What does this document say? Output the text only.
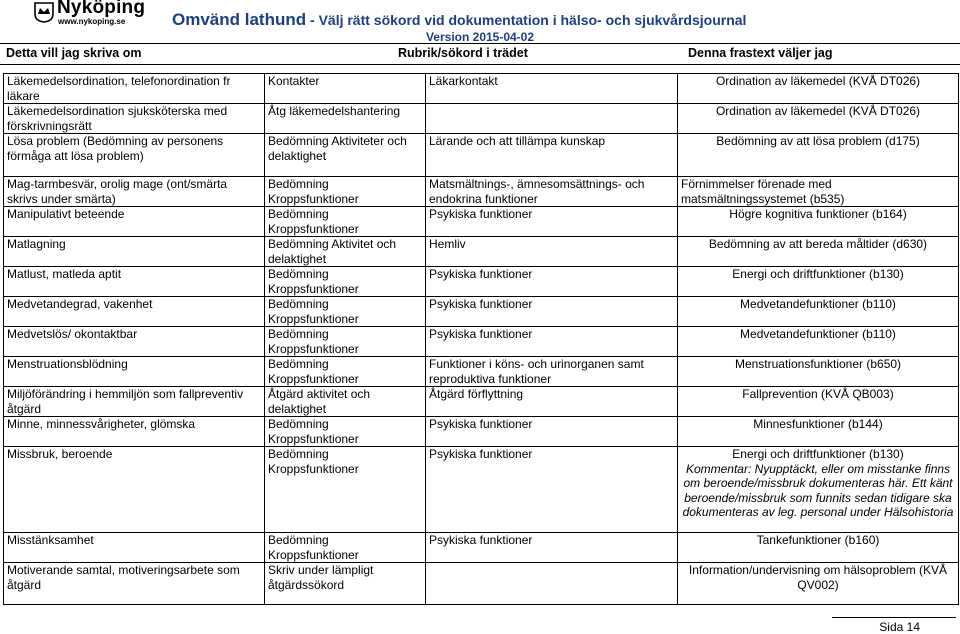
Nyköping
www.nykoping.se	Omvänd lathund - Välj rätt sökord vid dokumentation i hälso- och sjukvårdsjournal
Version 2015-04-02
Detta vill jag skriva om	Rubrik/sökord i trädet	Denna frastext väljer jag
Läkemedelsordination, telefonordination fr läkare	Kontakter	Läkarkontakt	Ordination av läkemedel (KVÅ DT026)
Läkemedelsordination sjuksköterska med förskrivningsrätt	Åtg läkemedelshantering		Ordination av läkemedel (KVÅ DT026)
Lösa problem (Bedömning av personens förmåga att lösa problem)	Bedömning Aktiviteter och delaktighet	Lärande och att tillämpa kunskap	Bedömning av att lösa problem (d175)
Mag-tarmbesvär, orolig mage (ont/smärta skrivs under smärta)	Bedömning Kroppsfunktioner	Matsmältnings-, ämnesomsättnings- och endokrina funktioner	Förnimmelser förenade med matsmältningssystemet (b535)
Manipulativt beteende	Bedömning Kroppsfunktioner	Psykiska funktioner	Högre kognitiva funktioner (b164)
Matlagning	Bedömning Aktivitet och delaktighet	Hemliv	Bedömning av att bereda måltider (d630)
Matlust, matleda aptit	Bedömning Kroppsfunktioner	Psykiska funktioner	Energi och driftfunktioner (b130)
Medvetandegrad, vakenhet	Bedömning Kroppsfunktioner	Psykiska funktioner	Medvetandefunktioner (b110)
Medvetslös/ okontaktbar	Bedömning Kroppsfunktioner	Psykiska funktioner	Medvetandefunktioner (b110)
Menstruationsblödning	Bedömning Kroppsfunktioner	Funktioner i köns- och urinorganen samt reproduktiva funktioner	Menstruationsfunktioner (b650)
Miljöförändring i hemmiljön som fallpreventiv åtgärd	Åtgärd aktivitet och delaktighet	Åtgärd förflyttning	Fallprevention (KVÅ QB003)
Minne, minnessvårigheter, glömska	Bedömning Kroppsfunktioner	Psykiska funktioner	Minnesfunktioner (b144)
Missbruk, beroende	Bedömning Kroppsfunktioner	Psykiska funktioner	Energi och driftfunktioner (b130)
Kommentar: Nyupptäckt, eller om misstanke finns om beroende/missbruk dokumenteras här. Ett känt beroende/missbruk som funnits sedan tidigare ska dokumenteras av leg. personal under Hälsohistoria

Misstänksamhet	Bedömning Kroppsfunktioner	Psykiska funktioner	Tankefunktioner (b160)
Motiverande samtal, motiveringsarbete som åtgärd	Skriv under lämpligt åtgärdssökord		Information/undervisning om hälsoproblem (KVÅ QV002)
Sida 14
